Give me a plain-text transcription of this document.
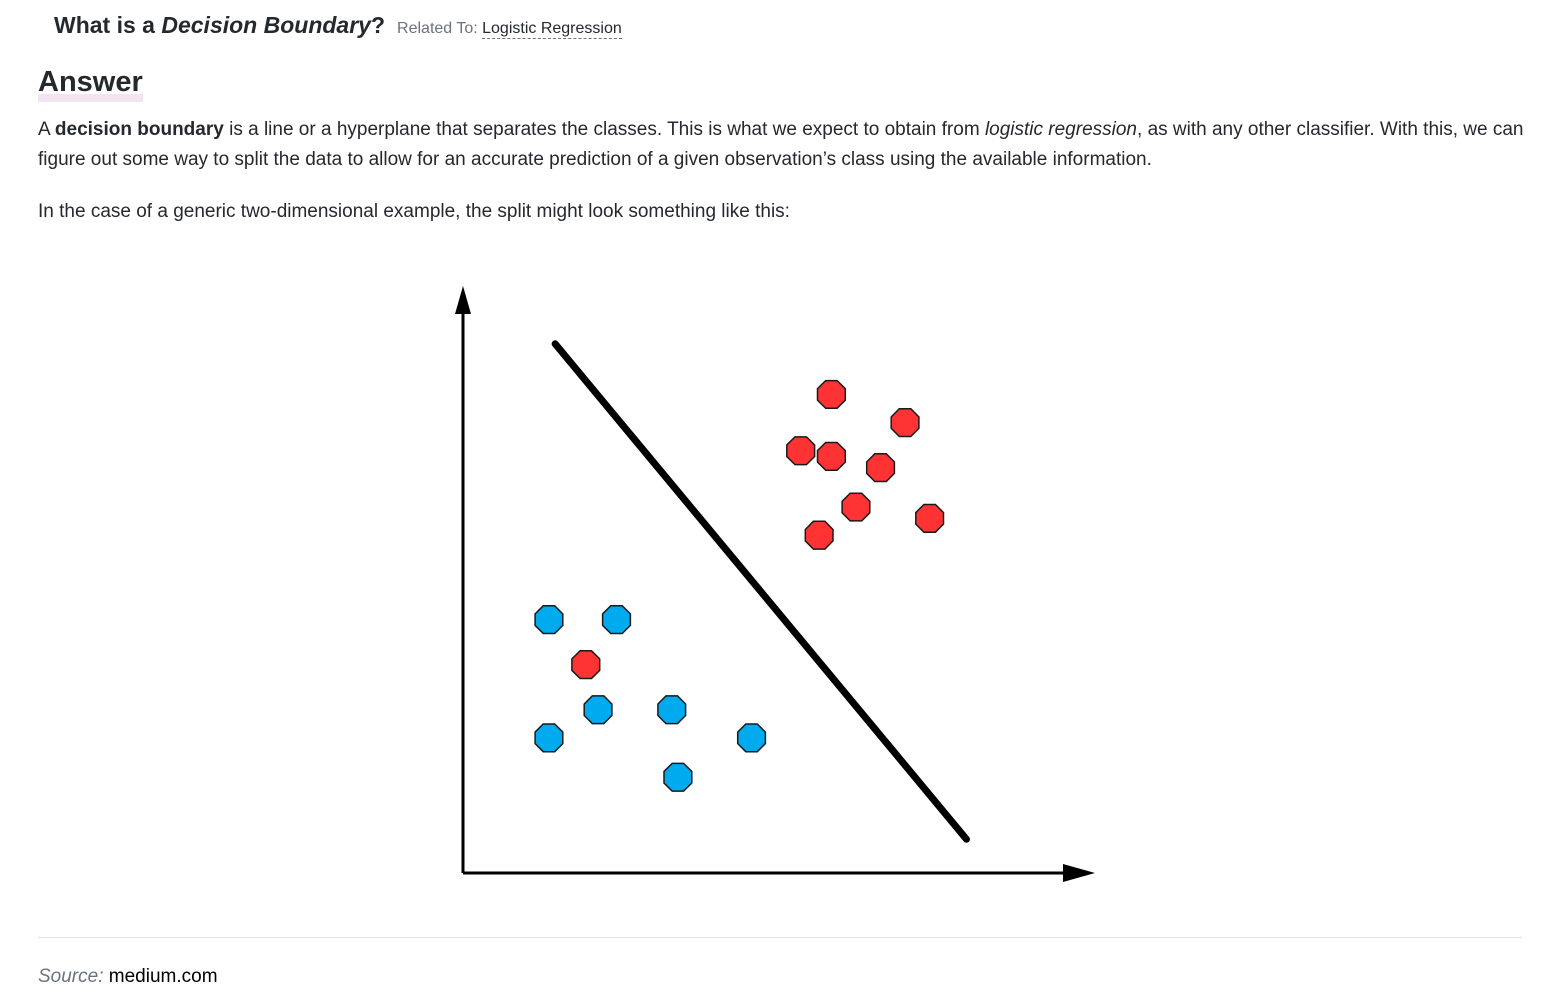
What is a Decision Boundary? Related To: Logistic Regression
Answer

A decision boundary is a line or a hyperplane that separates the classes. This is what we expect to obtain from logistic regression, as with any other classifier. With this, we can figure out some way to split the data to allow for an accurate prediction of a given observation’s class using the available information.

In the case of a generic two-dimensional example, the split might look something like this:

Source: medium.com
